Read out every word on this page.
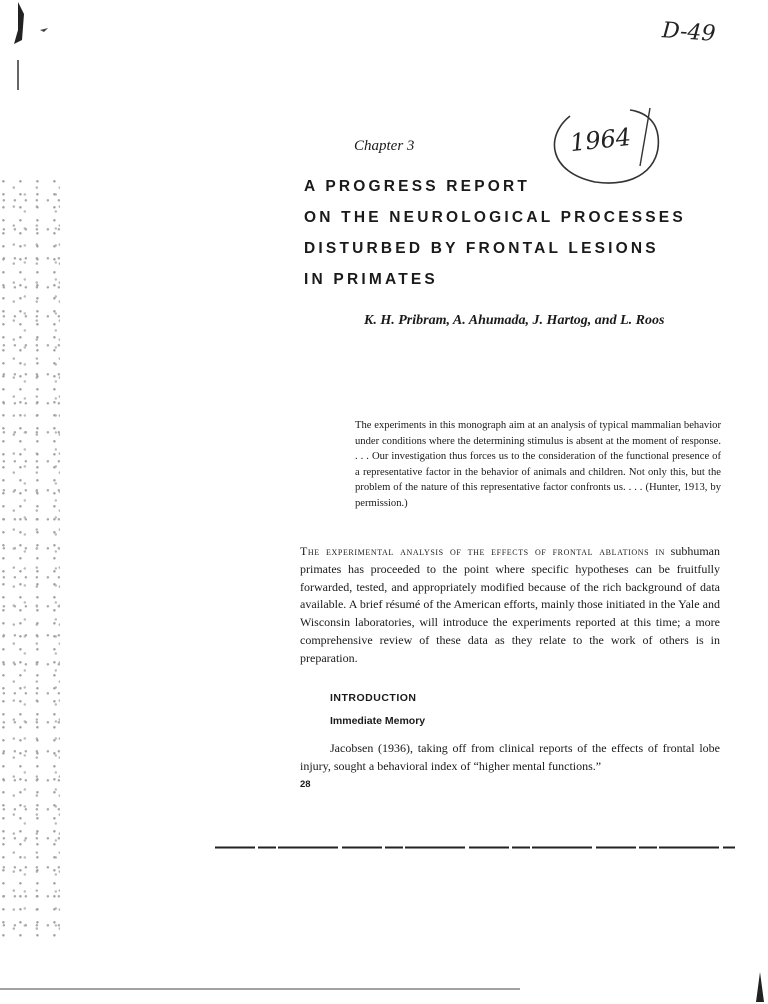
D-49
1964
Chapter 3
A PROGRESS REPORT
ON THE NEUROLOGICAL PROCESSES
DISTURBED BY FRONTAL LESIONS
IN PRIMATES
K. H. Pribram, A. Ahumada, J. Hartog, and L. Roos

The experiments in this monograph aim at an analysis of typical mammalian behavior under conditions where the determining stimulus is absent at the moment of response. . . . Our investigation thus forces us to the consideration of the functional presence of a representative factor in the behavior of animals and children. Not only this, but the problem of the nature of this representative factor confronts us. . . . (Hunter, 1913, by permission.)

The experimental analysis of the effects of frontal ablations in subhuman primates has proceeded to the point where specific hypotheses can be fruitfully forwarded, tested, and appropriately modified because of the rich background of data available. A brief résumé of the American efforts, mainly those initiated in the Yale and Wisconsin laboratories, will introduce the experiments reported at this time; a more comprehensive review of these data as they relate to the work of others is in preparation.

INTRODUCTION
Immediate Memory
Jacobsen (1936), taking off from clinical reports of the effects of frontal lobe injury, sought a behavioral index of “higher mental functions.”
28
